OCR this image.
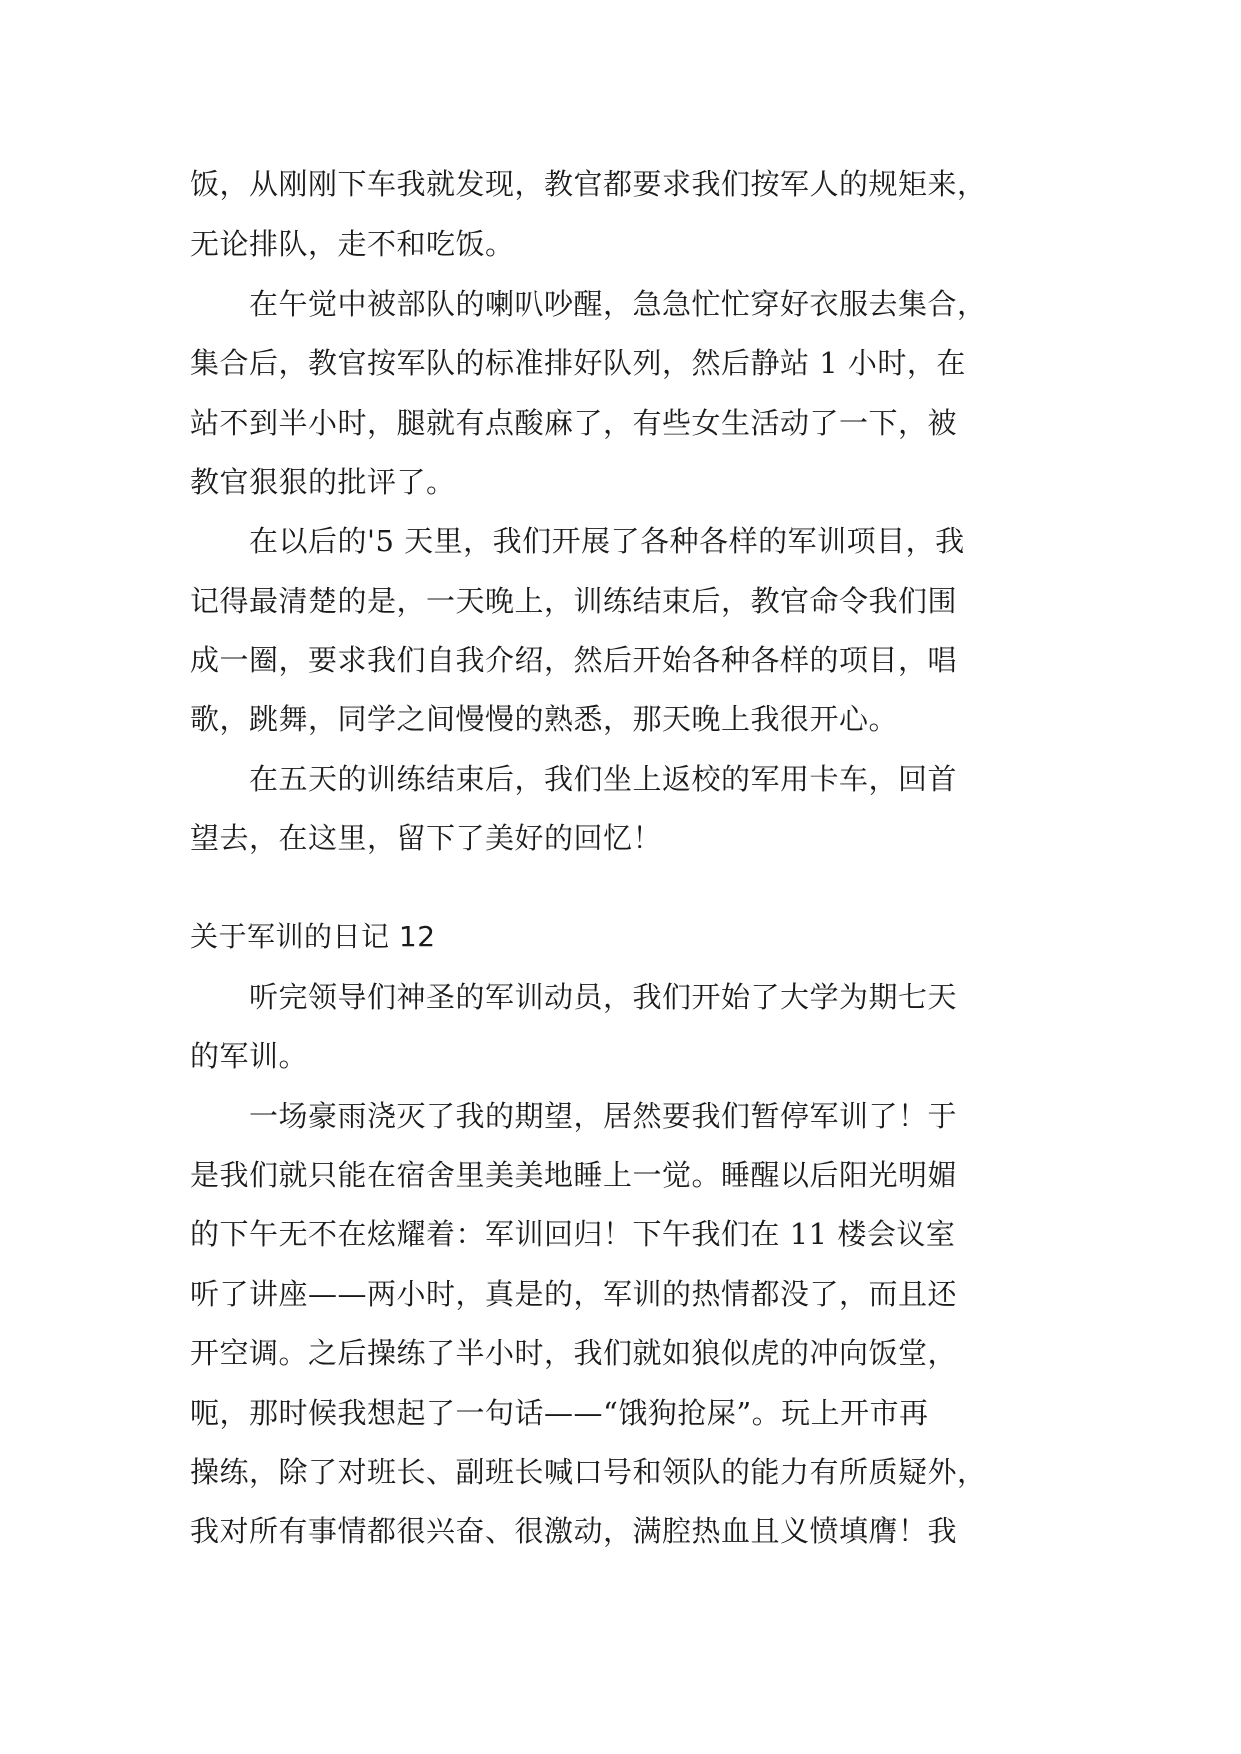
饭，从刚刚下车我就发现，教官都要求我们按军人的规矩来，

无论排队，走不和吃饭。

　　在午觉中被部队的喇叭吵醒，急急忙忙穿好衣服去集合，

集合后，教官按军队的标准排好队列，然后静站 1 小时，在

站不到半小时，腿就有点酸麻了，有些女生活动了一下，被

教官狠狠的批评了。

　　在以后的'5 天里，我们开展了各种各样的军训项目，我

记得最清楚的是，一天晚上，训练结束后，教官命令我们围

成一圈，要求我们自我介绍，然后开始各种各样的项目，唱

歌，跳舞，同学之间慢慢的熟悉，那天晚上我很开心。

　　在五天的训练结束后，我们坐上返校的军用卡车，回首

望去，在这里，留下了美好的回忆！

关于军训的日记 12

　　听完领导们神圣的军训动员，我们开始了大学为期七天

的军训。

　　一场豪雨浇灭了我的期望，居然要我们暂停军训了！于

是我们就只能在宿舍里美美地睡上一觉。睡醒以后阳光明媚

的下午无不在炫耀着：军训回归！下午我们在 11 楼会议室

听了讲座——两小时，真是的，军训的热情都没了，而且还

开空调。之后操练了半小时，我们就如狼似虎的冲向饭堂，

呃，那时候我想起了一句话——“饿狗抢屎”。玩上开市再

操练，除了对班长、副班长喊口号和领队的能力有所质疑外，

我对所有事情都很兴奋、很激动，满腔热血且义愤填膺！我
